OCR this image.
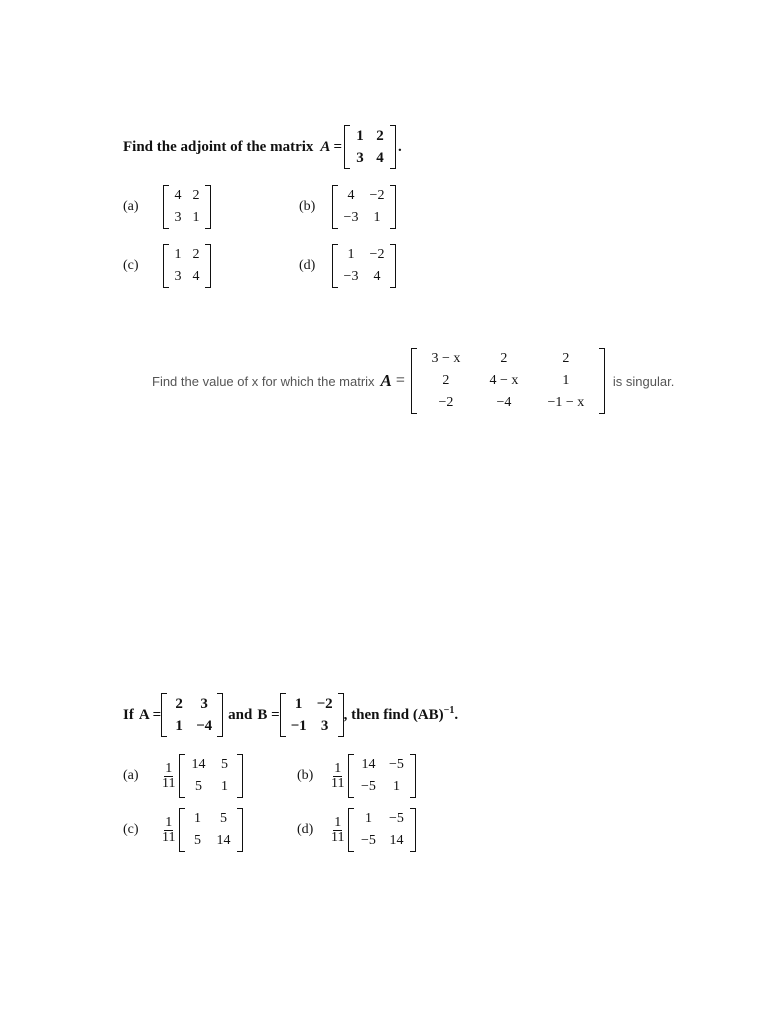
Find the adjoint of the matrix A =
1 2
3 4
.
(a)
4 2
3 1
(b)
4	−2
−3	1
(c)
1 2
3 4
(d)
1	−2
−3	4
Find the value of x for which the matrix A =
3 − x	2	2
2	4 − x	1
−2	−4	−1 − x
is singular.
If A =
2	3
1 −4
and B =
1 −2
−1 3
, then find (AB)$^{-1}$ .
(a)	$\frac{1}{11}$	14	5
5	1
(b)	$\frac{1}{11}$	14 −5
−5	1
(c)	$\frac{1}{11}$	1	5
5	14
(d)	$\frac{1}{11}$	1	−5
−5 14
